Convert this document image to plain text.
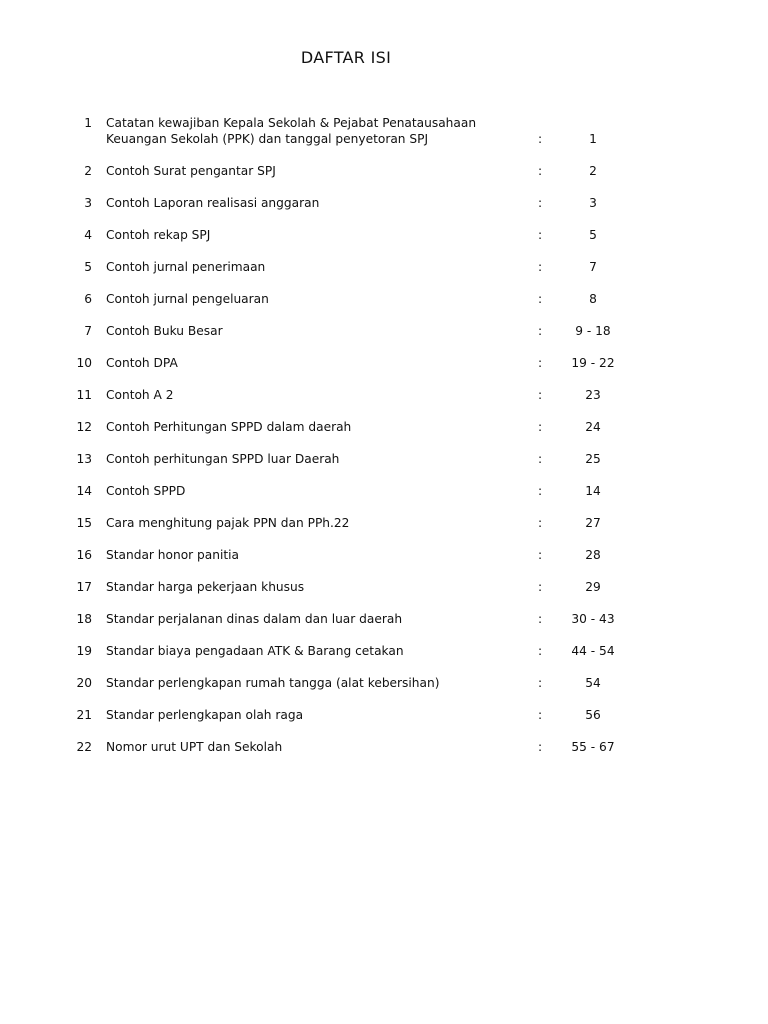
DAFTAR ISI
1 Catatan kewajiban Kepala Sekolah & Pejabat Penatausahaan
Keuangan Sekolah (PPK) dan tanggal penyetoran SPJ	:	1
2 Contoh Surat pengantar SPJ	:	2
3 Contoh Laporan realisasi anggaran	:	3
4 Contoh rekap SPJ	:	5
5 Contoh jurnal penerimaan	:	7
6 Contoh jurnal pengeluaran	:	8
7 Contoh Buku Besar	:	9 - 18
10 Contoh DPA	:	19 - 22
11 Contoh A 2	:	23
12 Contoh Perhitungan SPPD dalam daerah	:	24
13 Contoh perhitungan SPPD luar Daerah	:	25
14 Contoh SPPD	:	14
15 Cara menghitung pajak PPN dan PPh.22	:	27
16 Standar honor panitia	:	28
17 Standar harga pekerjaan khusus	:	29
18 Standar perjalanan dinas dalam dan luar daerah	:	30 - 43
19 Standar biaya pengadaan ATK & Barang cetakan	:	44 - 54
20 Standar perlengkapan rumah tangga (alat kebersihan)	:	54
21 Standar perlengkapan olah raga	:	56
22 Nomor urut UPT dan Sekolah	:	55 - 67
